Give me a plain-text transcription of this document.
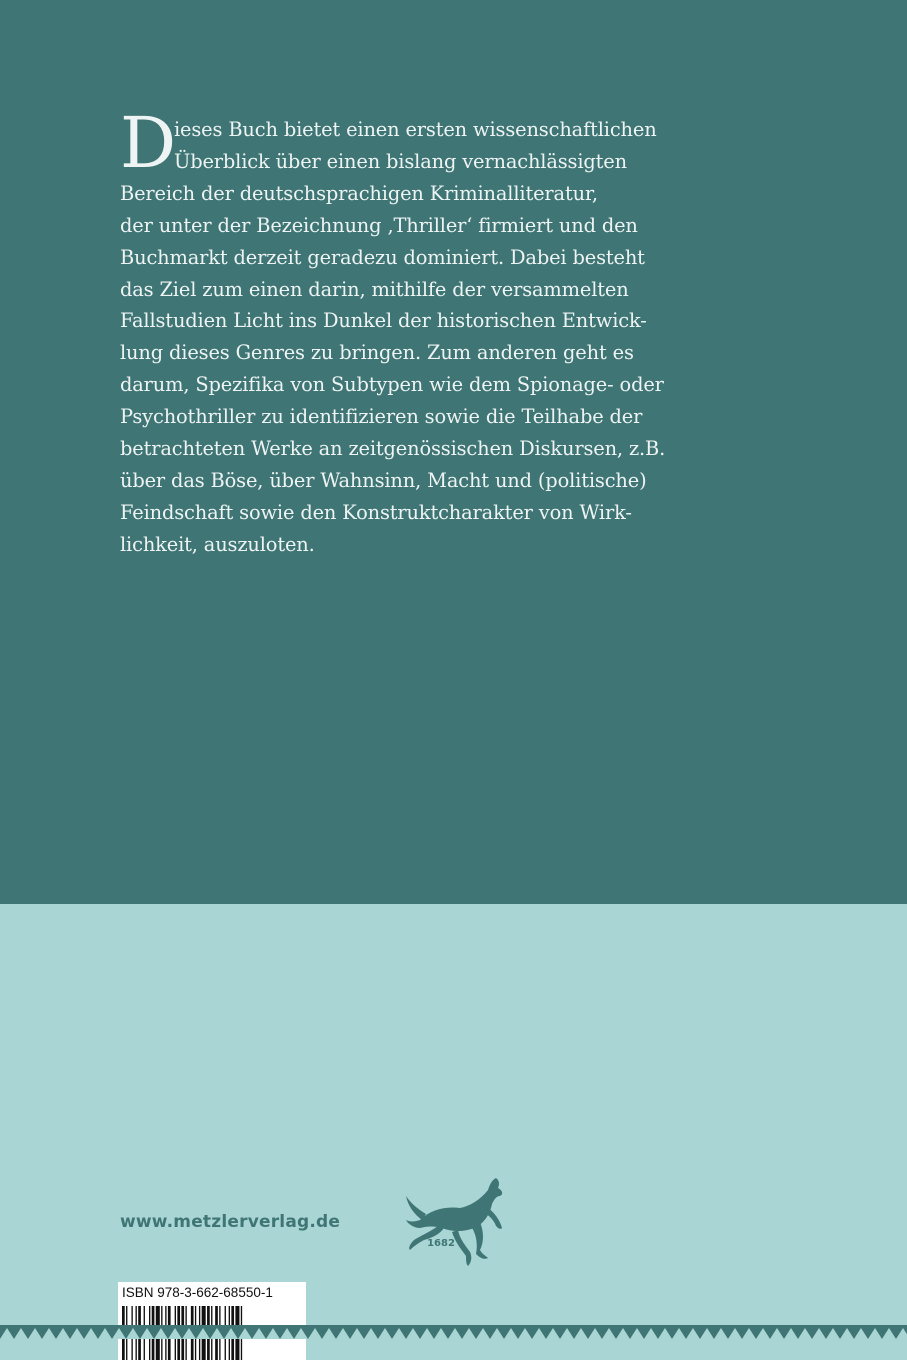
D
ieses Buch bietet einen ersten wissenschaftlichen
Überblick über einen bislang vernachlässigten
Bereich der deutschsprachigen Kriminalliteratur,
der unter der Bezeichnung ‚Thriller‘ firmiert und den
Buchmarkt derzeit geradezu dominiert. Dabei besteht
das Ziel zum einen darin, mithilfe der versammelten
Fallstudien Licht ins Dunkel der historischen Entwick-
lung dieses Genres zu bringen. Zum anderen geht es
darum, Spezifika von Subtypen wie dem Spionage- oder
Psychothriller zu identifizieren sowie die Teilhabe der
betrachteten Werke an zeitgenössischen Diskursen, z.B.
über das Böse, über Wahnsinn, Macht und (politische)
Feindschaft sowie den Konstruktcharakter von Wirk-
lichkeit, auszuloten.
www.metzlerverlag.de
1682
ISBN 978-3-662-68550-1
